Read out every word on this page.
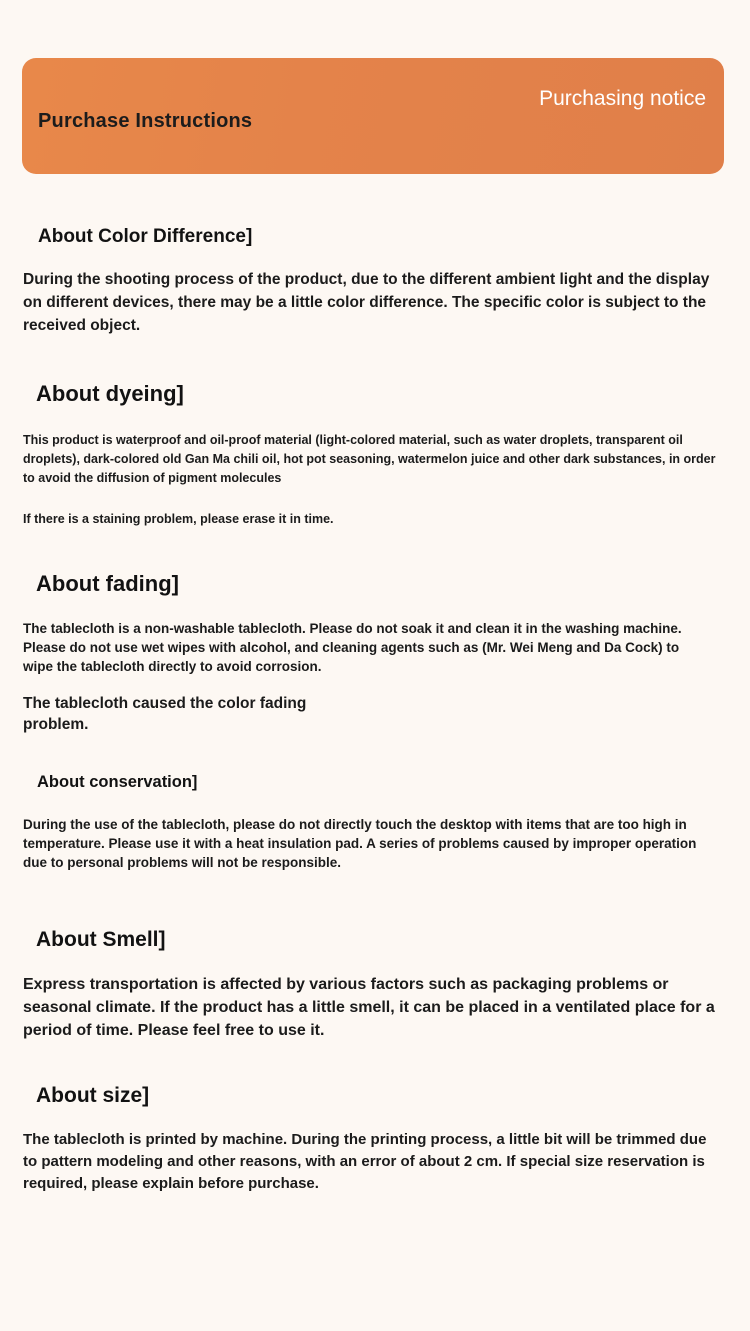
Purchase Instructions
Purchasing notice
About Color Difference]
During the shooting process of the product, due to the different ambient light and the display on different devices, there may be a little color difference. The specific color is subject to the received object.
About dyeing]
This product is waterproof and oil-proof material (light-colored material, such as water droplets, transparent oil droplets), dark-colored old Gan Ma chili oil, hot pot seasoning, watermelon juice and other dark substances, in order to avoid the diffusion of pigment molecules
If there is a staining problem, please erase it in time.
About fading]
The tablecloth is a non-washable tablecloth. Please do not soak it and clean it in the washing machine. Please do not use wet wipes with alcohol, and cleaning agents such as (Mr. Wei Meng and Da Cock) to wipe the tablecloth directly to avoid corrosion.
The tablecloth caused the color fading problem.
About conservation]
During the use of the tablecloth, please do not directly touch the desktop with items that are too high in temperature. Please use it with a heat insulation pad. A series of problems caused by improper operation due to personal problems will not be responsible.
About Smell]
Express transportation is affected by various factors such as packaging problems or seasonal climate. If the product has a little smell, it can be placed in a ventilated place for a period of time. Please feel free to use it.
About size]
The tablecloth is printed by machine. During the printing process, a little bit will be trimmed due to pattern modeling and other reasons, with an error of about 2 cm. If special size reservation is required, please explain before purchase.
